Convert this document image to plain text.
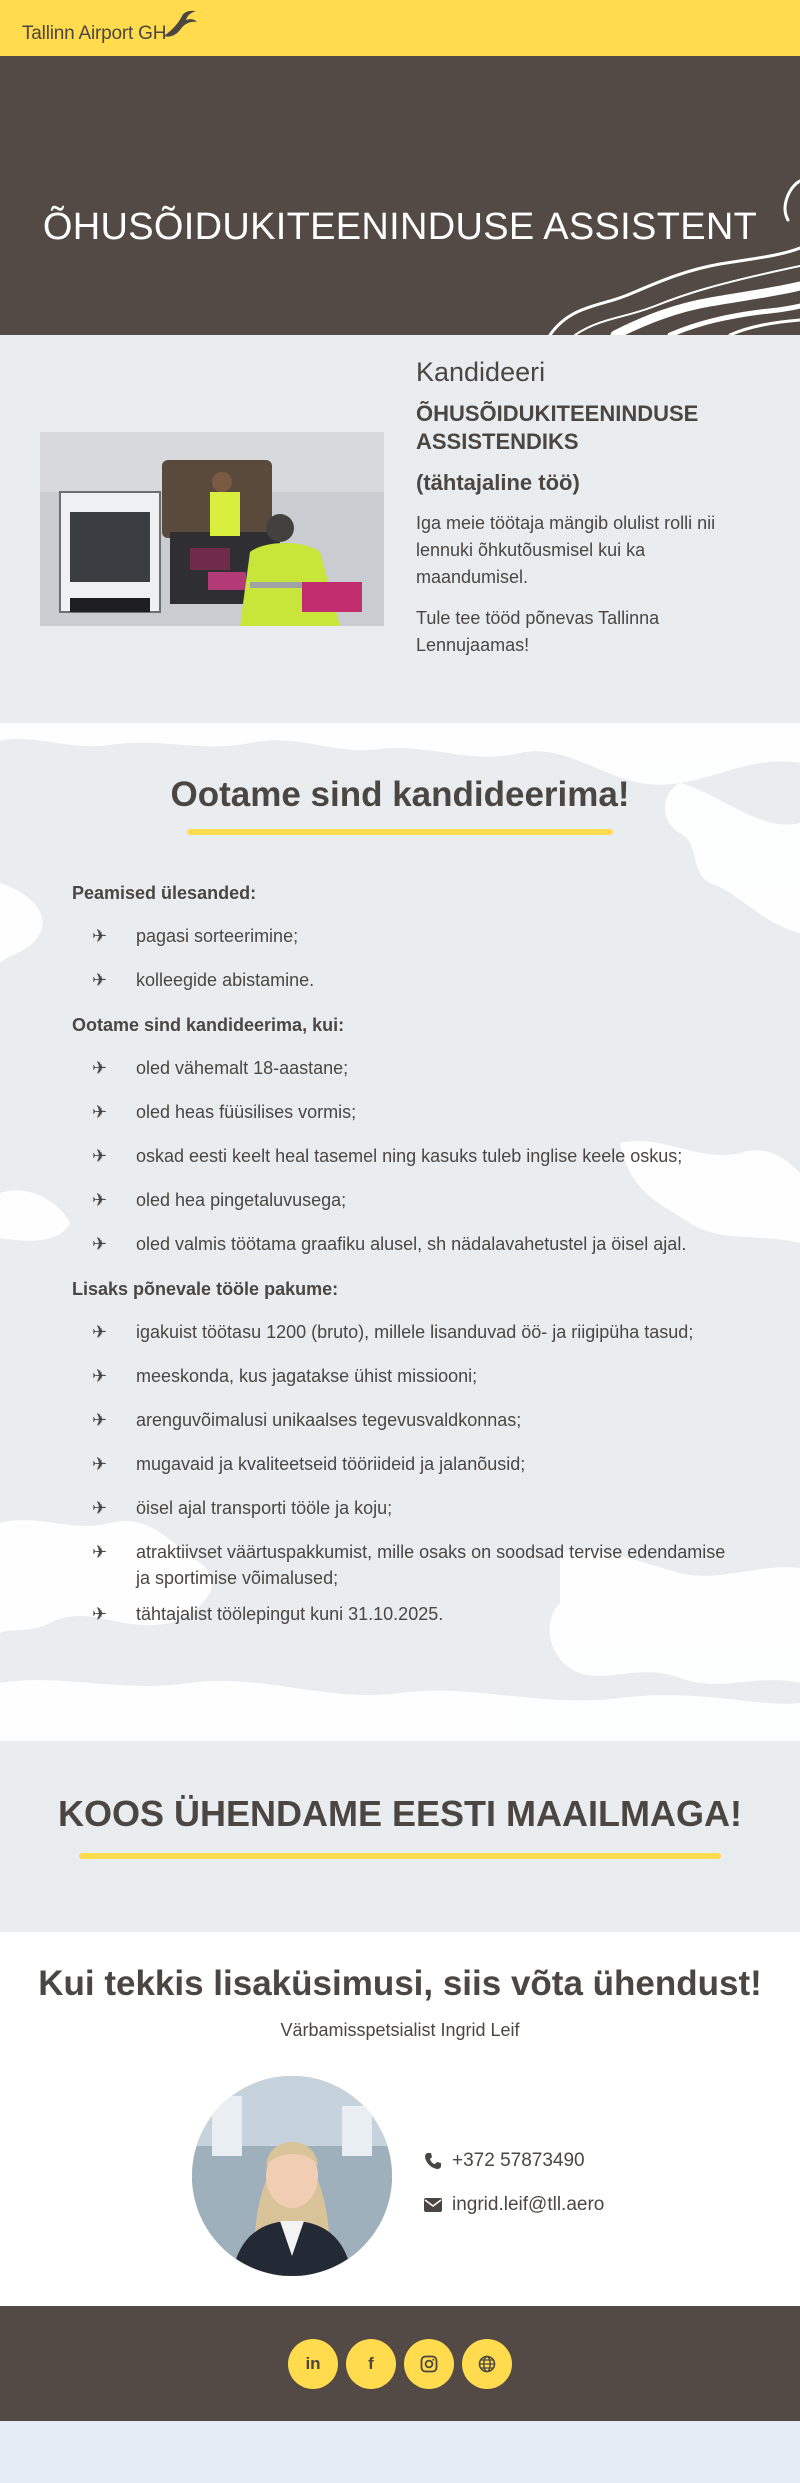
Tallinn Airport GH
ÕHUSÕIDUKITEENINDUSE ASSISTENT
Kandideeri
ÕHUSÕIDUKITEENINDUSE ASSISTENDIKS
(tähtajaline töö)

Iga meie töötaja mängib olulist rolli nii lennuki õhkutõusmisel kui ka maandumisel.

Tule tee tööd põnevas Tallinna Lennujaamas!

Ootame sind kandideerima!
Peamised ülesanded:
✈	pagasi sorteerimine;
✈	kolleegide abistamine.
Ootame sind kandideerima, kui:
✈	oled vähemalt 18-aastane;
✈	oled heas füüsilises vormis;
✈	oskad eesti keelt heal tasemel ning kasuks tuleb inglise keele oskus;
✈	oled hea pingetaluvusega;
✈	oled valmis töötama graafiku alusel, sh nädalavahetustel ja öisel ajal.
Lisaks põnevale tööle pakume:
✈	igakuist töötasu 1200 (bruto), millele lisanduvad öö- ja riigipüha tasud;
✈	meeskonda, kus jagatakse ühist missiooni;
✈	arenguvõimalusi unikaalses tegevusvaldkonnas;
✈	mugavaid ja kvaliteetseid tööriideid ja jalanõusid;
✈	öisel ajal transporti tööle ja koju;
✈	atraktiivset väärtuspakkumist, mille osaks on soodsad tervise edendamise ja sportimise võimalused;
✈	tähtajalist töölepingut kuni 31.10.2025.
KOOS ÜHENDAME EESTI MAAILMAGA!
Kui tekkis lisaküsimusi, siis võta ühendust!
Värbamisspetsialist Ingrid Leif
+372 57873490
ingrid.leif@tll.aero
in	f
